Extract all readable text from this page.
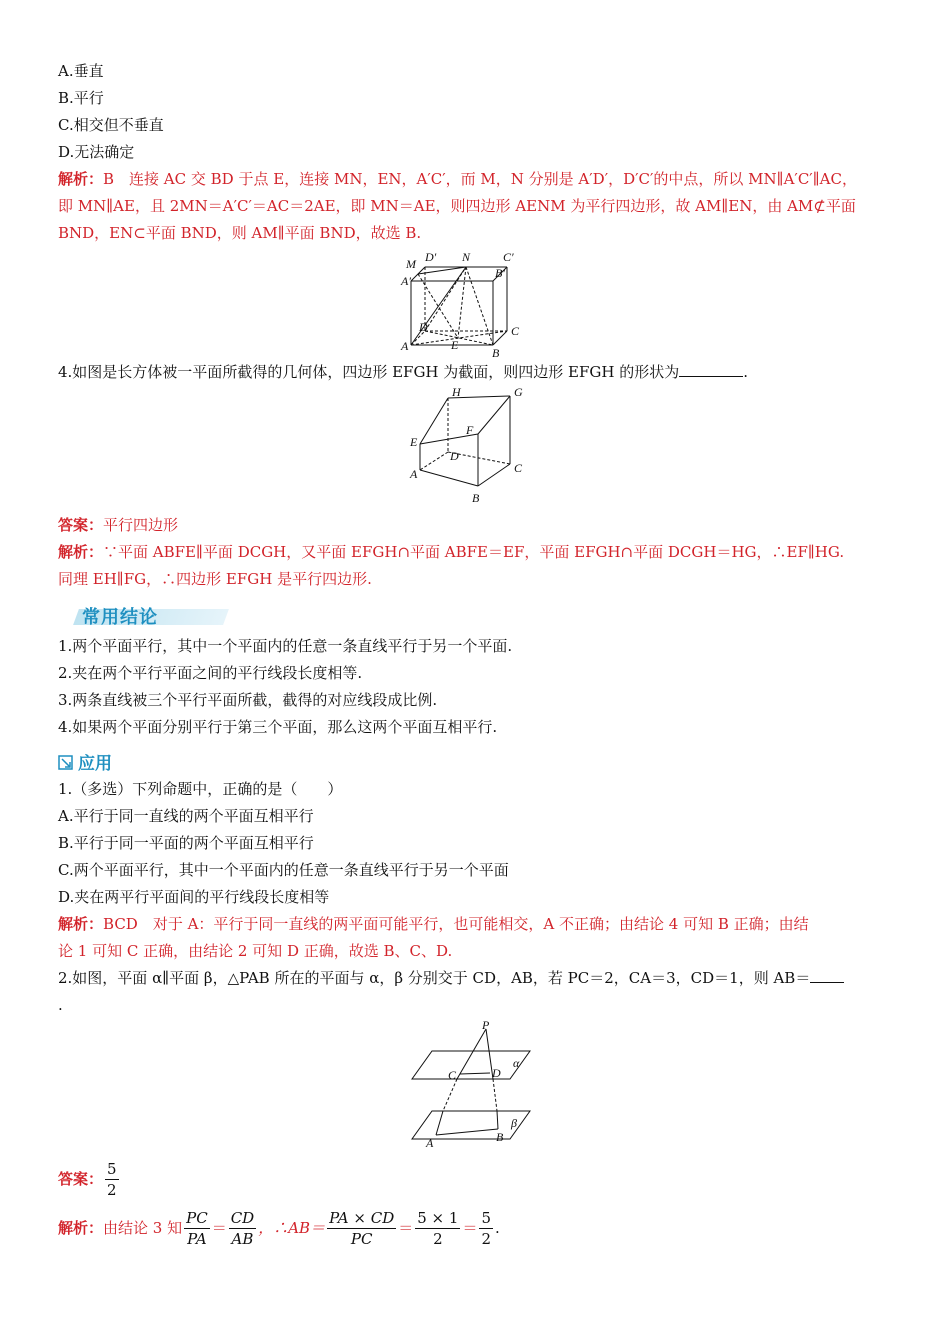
A.垂直
B.平行
C.相交但不垂直
D.无法确定
解析：B　连接 AC 交 BD 于点 E，连接 MN，EN，A′C′，而 M，N 分别是 A′D′，D′C′的中点，所以 MN∥A′C′∥AC，
即 MN∥AE，且 2MN＝A′C′＝AC＝2AE，即 MN＝AE，则四边形 AENM 为平行四边形，故 AM∥EN，由 AM⊄平面
BND，EN⊂平面 BND，则 AM∥平面 BND，故选 B.
M D′ N	C′
A′
B′
D	C
A	E
B
4.如图是长方体被一平面所截得的几何体，四边形 EFGH 为截面，则四边形 EFGH 的形状为	.
H	G
F
E
D
C
A
B
答案：平行四边形
解析：∵平面 ABFE∥平面 DCGH，又平面 EFGH∩平面 ABFE＝EF，平面 EFGH∩平面 DCGH＝HG，∴EF∥HG.
同理 EH∥FG，∴四边形 EFGH 是平行四边形.
常用结论
1.两个平面平行，其中一个平面内的任意一条直线平行于另一个平面.
2.夹在两个平行平面之间的平行线段长度相等.
3.两条直线被三个平行平面所截，截得的对应线段成比例.
4.如果两个平面分别平行于第三个平面，那么这两个平面互相平行.
应用
1.（多选）下列命题中，正确的是（　　）
A.平行于同一直线的两个平面互相平行
B.平行于同一平面的两个平面互相平行
C.两个平面平行，其中一个平面内的任意一条直线平行于另一个平面
D.夹在两平行平面间的平行线段长度相等
解析：BCD　对于 A：平行于同一直线的两平面可能平行，也可能相交，A 不正确；由结论 4 可知 B 正确；由结
论 1 可知 C 正确，由结论 2 可知 D 正确，故选 B、C、D.
2.如图，平面 α∥平面 β，△PAB 所在的平面与 α，β 分别交于 CD，AB，若 PC＝2，CA＝3，CD＝1，则 AB＝
.
P
α
C	D
β
A	B
答案： $\frac{5}{2}$
解析： 由结论 3 知 $\frac{PC}{PA} = \frac{CD}{AB}$ ，∴AB＝ $\frac{PA \times CD}{PC} = \frac{5 \times 1}{2} = \frac{5}{2}$ .
